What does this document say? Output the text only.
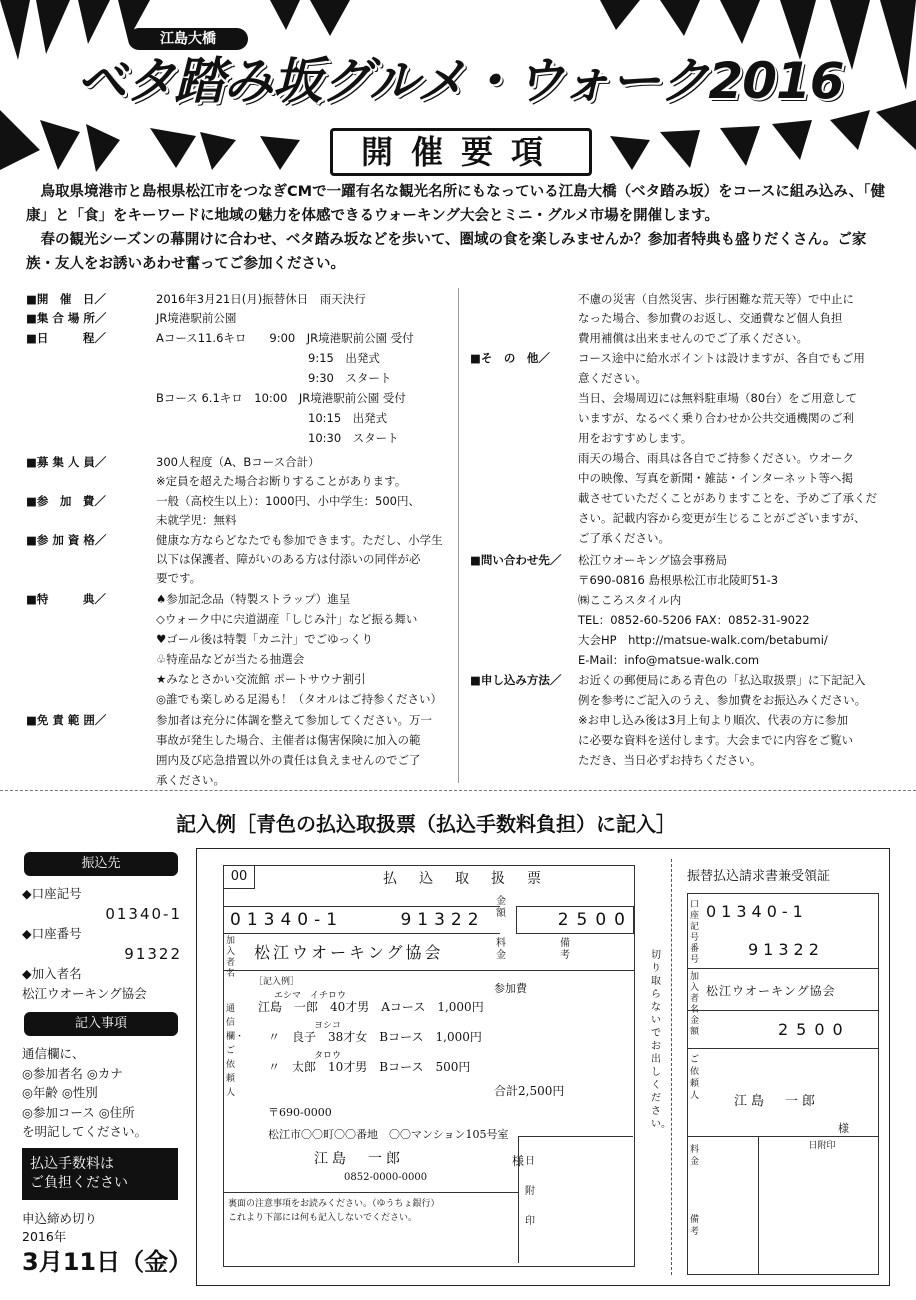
江島大橋
ベタ踏み坂グルメ・ウォーク2016
開催要項

鳥取県境港市と島根県松江市をつなぎCMで一躍有名な観光名所にもなっている江島大橋（ベタ踏み坂）をコースに組み込み、「健康」と「食」をキーワードに地域の魅力を体感できるウォーキング大会とミニ・グルメ市場を開催します。

春の観光シーズンの幕開けに合わせ、ベタ踏み坂などを歩いて、圏域の食を楽しみませんか？参加者特典も盛りだくさん。ご家族・友人をお誘いあわせ奮ってご参加ください。

■開　催　日／	2016年3月21日(月)振替休日　雨天決行
■集 合 場 所／	JR境港駅前公園
■日　　　程／	Aコース11.6キロ　　9:00　JR境港駅前公園 受付
9:15　出発式
9:30　スタート
Bコース 6.1キロ　10:00　JR境港駅前公園 受付
10:15　出発式
10:30　スタート
■募 集 人 員／	300人程度（A、Bコース合計）
※定員を超えた場合お断りすることがあります。
■参　加　費／	一般（高校生以上）：1000円、小中学生：500円、
未就学児：無料
■参 加 資 格／	健康な方ならどなたでも参加できます。ただし、小学生
以下は保護者、障がいのある方は付添いの同伴が必
要です。
■特　　　典／	♠参加記念品（特製ストラップ）進呈
◇ウォーク中に宍道湖産「しじみ汁」など振る舞い
♥ゴール後は特製「カニ汁」でごゆっくり
♧特産品などが当たる抽選会
★みなとさかい交流館 ポートサウナ割引
◎誰でも楽しめる足湯も！（タオルはご持参ください）
■免 責 範 囲／	参加者は充分に体調を整えて参加してください。万一
事故が発生した場合、主催者は傷害保険に加入の範
囲内及び応急措置以外の責任は負えませんのでご了
承ください。
不慮の災害（自然災害、歩行困難な荒天等）で中止に
なった場合、参加費のお返し、交通費など個人負担
費用補償は出来ませんのでご了承ください。
■そ　の　他／ コース途中に給水ポイントは設けますが、各自でもご用
意ください。
当日、会場周辺には無料駐車場（80台）をご用意して
いますが、なるべく乗り合わせか公共交通機関のご利
用をおすすめします。
雨天の場合、雨具は各自でご持参ください。ウオーク
中の映像、写真を新聞・雑誌・インターネット等へ掲
載させていただくことがありますことを、予めご了承くだ
さい。記載内容から変更が生じることがございますが、
ご了承ください。
■問い合わせ先／ 松江ウオーキング協会事務局
〒690-0816 島根県松江市北陵町51-3
㈱こころスタイル内
TEL：0852-60-5206 FAX：0852-31-9022
大会HP　http://matsue-walk.com/betabumi/
E-Mail：info@matsue-walk.com
■申し込み方法／ お近くの郵便局にある青色の「払込取扱票」に下記記入
例を参考にご記入のうえ、参加費をお振込みください。
※お申し込み後は3月上旬より順次、代表の方に参加
に必要な資料を送付します。大会までに内容をご覧い
ただき、当日必ずお持ちください。
記入例［青色の払込取扱票（払込手数料負担）に記入］
振込先
◆口座記号
01340-1
◆口座番号
91322
◆加入者名
松江ウオーキング協会
記入事項
通信欄に、
◎参加者名 ◎カナ
◎年齢 ◎性別
◎参加コース ◎住所
を明記してください。
払込手数料は
ご負担ください
申込締め切り
2016年
3月11日（金）
00	払　込　取　扱　票
01340-1	91322
金額	2500
料金
備考
加入者名
松江ウオーキング協会
通信欄・ご依頼人
［記入例］	参加費
エシマ　イチロウ
江島　一郎　40才男　Aコース　1,000円
ヨシコ
〃　良子　38才女　Bコース　1,000円
タロウ
〃　太郎　10才男　Bコース　500円
合計2,500円
〒690-0000
松江市〇〇町〇〇番地　〇〇マンション105号室
江島　一郎	様
0852-0000-0000
日附印
裏面の注意事項をお読みください。（ゆうちょ銀行）
これより下部には何も記入しないでください。
切り取らないでお出しください。
振替払込請求書兼受領証
口座記号番号
01340-1
91322
加入者名
松江ウオーキング協会
金額	2500
ご依頼人	江島　一郎
様
料金
備考
日附印
